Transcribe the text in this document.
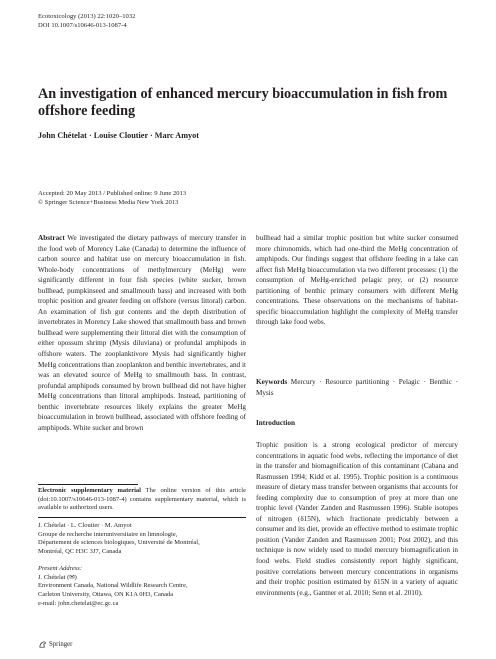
Ecotoxicology (2013) 22:1020–1032
DOI 10.1007/s10646-013-1087-4
An investigation of enhanced mercury bioaccumulation in fish from offshore feeding
John Chételat · Louise Cloutier · Marc Amyot
Accepted: 20 May 2013 / Published online: 9 June 2013
© Springer Science+Business Media New York 2013
Abstract We investigated the dietary pathways of mercury transfer in the food web of Morency Lake (Canada) to determine the influence of carbon source and habitat use on mercury bioaccumulation in fish. Whole-body concentrations of methylmercury (MeHg) were significantly different in four fish species (white sucker, brown bullhead, pumpkinseed and smallmouth bass) and increased with both trophic position and greater feeding on offshore (versus littoral) carbon. An examination of fish gut contents and the depth distribution of invertebrates in Morency Lake showed that smallmouth bass and brown bullhead were supplementing their littoral diet with the consumption of either opossum shrimp (Mysis diluviana) or profundal amphipods in offshore waters. The zooplanktivore Mysis had significantly higher MeHg concentrations than zooplankton and benthic invertebrates, and it was an elevated source of MeHg to smallmouth bass. In contrast, profundal amphipods consumed by brown bullhead did not have higher MeHg concentrations than littoral amphipods. Instead, partitioning of benthic invertebrate resources likely explains the greater MeHg bioaccumulation in brown bullhead, associated with offshore feeding of amphipods. White sucker and brown
bullhead had a similar trophic position but white sucker consumed more chironomids, which had one-third the MeHg concentration of amphipods. Our findings suggest that offshore feeding in a lake can affect fish MeHg bioaccumulation via two different processes: (1) the consumption of MeHg-enriched pelagic prey, or (2) resource partitioning of benthic primary consumers with different MeHg concentrations. These observations on the mechanisms of habitat-specific bioaccumulation highlight the complexity of MeHg transfer through lake food webs.
Electronic supplementary material The online version of this article (doi:10.1007/s10646-013-1087-4) contains supplementary material, which is available to authorized users.
J. Chételat · L. Cloutier · M. Amyot
Groupe de recherche interuniversitaire en limnologie,
Département de sciences biologiques, Université de Montréal,
Montréal, QC H3C 3J7, Canada
Present Address:
J. Chételat (✉)
Environment Canada, National Wildlife Research Centre,
Carleton University, Ottawa, ON K1A 0H3, Canada
e-mail: john.chetelat@ec.gc.ca
Keywords Mercury · Resource partitioning · Pelagic · Benthic · Mysis
Introduction
Trophic position is a strong ecological predictor of mercury concentrations in aquatic food webs, reflecting the importance of diet in the transfer and biomagnification of this contaminant (Cabana and Rasmussen 1994; Kidd et al. 1995). Trophic position is a continuous measure of dietary mass transfer between organisms that accounts for feeding complexity due to consumption of prey at more than one trophic level (Vander Zanden and Rasmussen 1996). Stable isotopes of nitrogen (δ15N), which fractionate predictably between a consumer and its diet, provide an effective method to estimate trophic position (Vander Zanden and Rasmussen 2001; Post 2002), and this technique is now widely used to model mercury biomagnification in food webs. Field studies consistently report highly significant, positive correlations between mercury concentrations in organisms and their trophic position estimated by δ15N in a variety of aquatic environments (e.g., Gantner et al. 2010; Senn et al. 2010).
Springer
